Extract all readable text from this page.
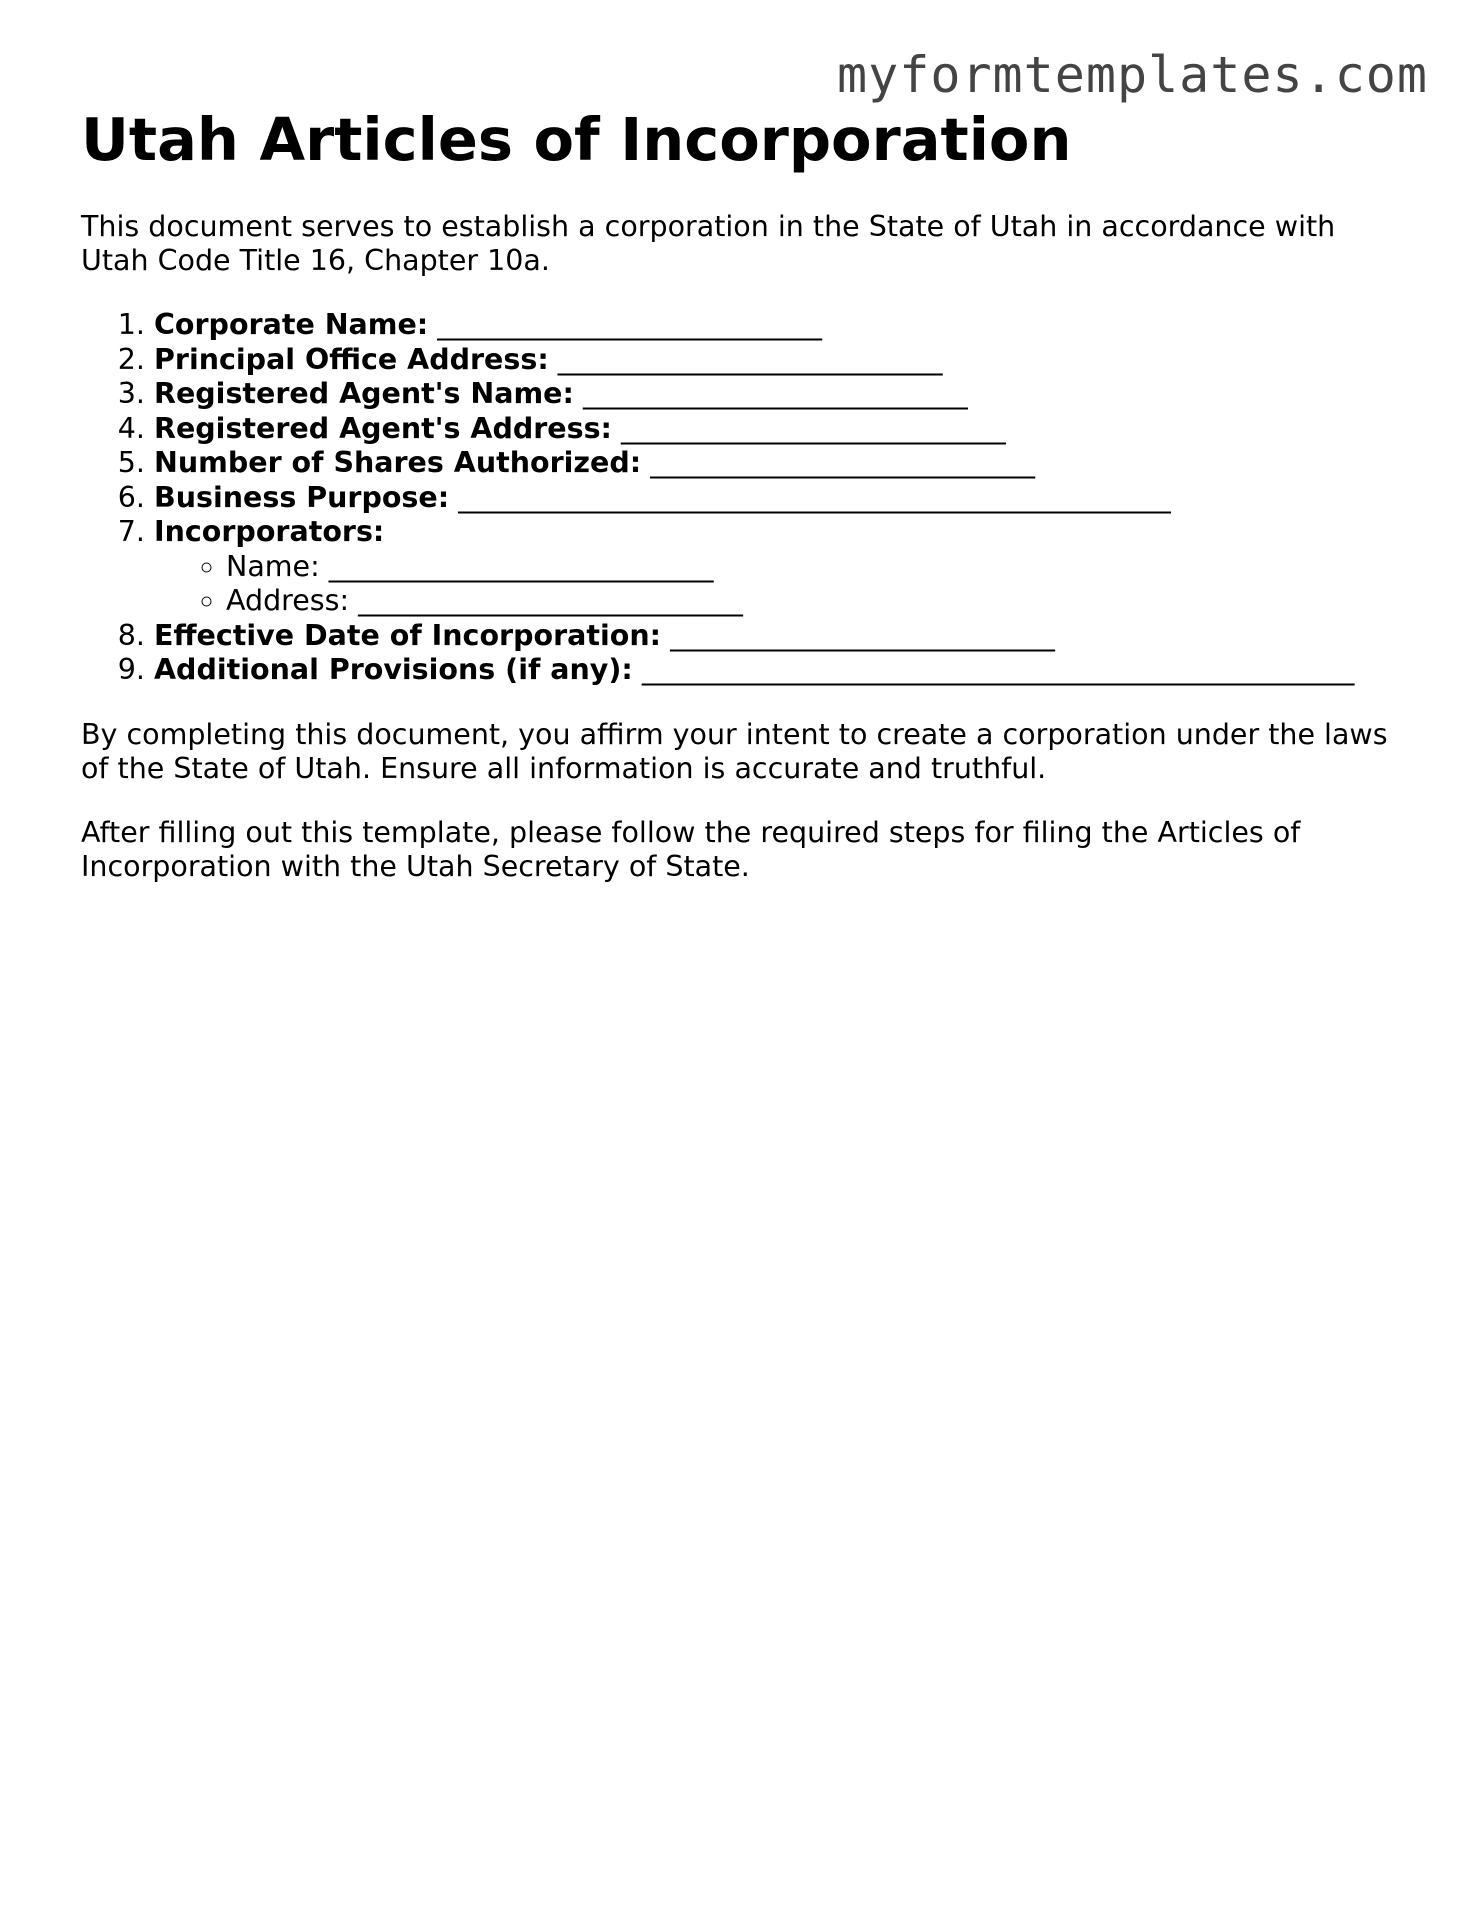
myformtemplates.com
Utah Articles of Incorporation

This document serves to establish a corporation in the State of Utah in accordance with Utah Code Title 16, Chapter 10a.

1. Corporate Name: ___________________________
2. Principal Office Address: ___________________________
3. Registered Agent's Name: ___________________________
4. Registered Agent's Address: ___________________________
5. Number of Shares Authorized: ___________________________
6. Business Purpose: __________________________________________________
7. Incorporators:
◦ Name: ___________________________
◦ Address: ___________________________
8. Effective Date of Incorporation: ___________________________
9. Additional Provisions (if any): __________________________________________________

By completing this document, you affirm your intent to create a corporation under the laws of the State of Utah. Ensure all information is accurate and truthful.

After filling out this template, please follow the required steps for filing the Articles of Incorporation with the Utah Secretary of State.
